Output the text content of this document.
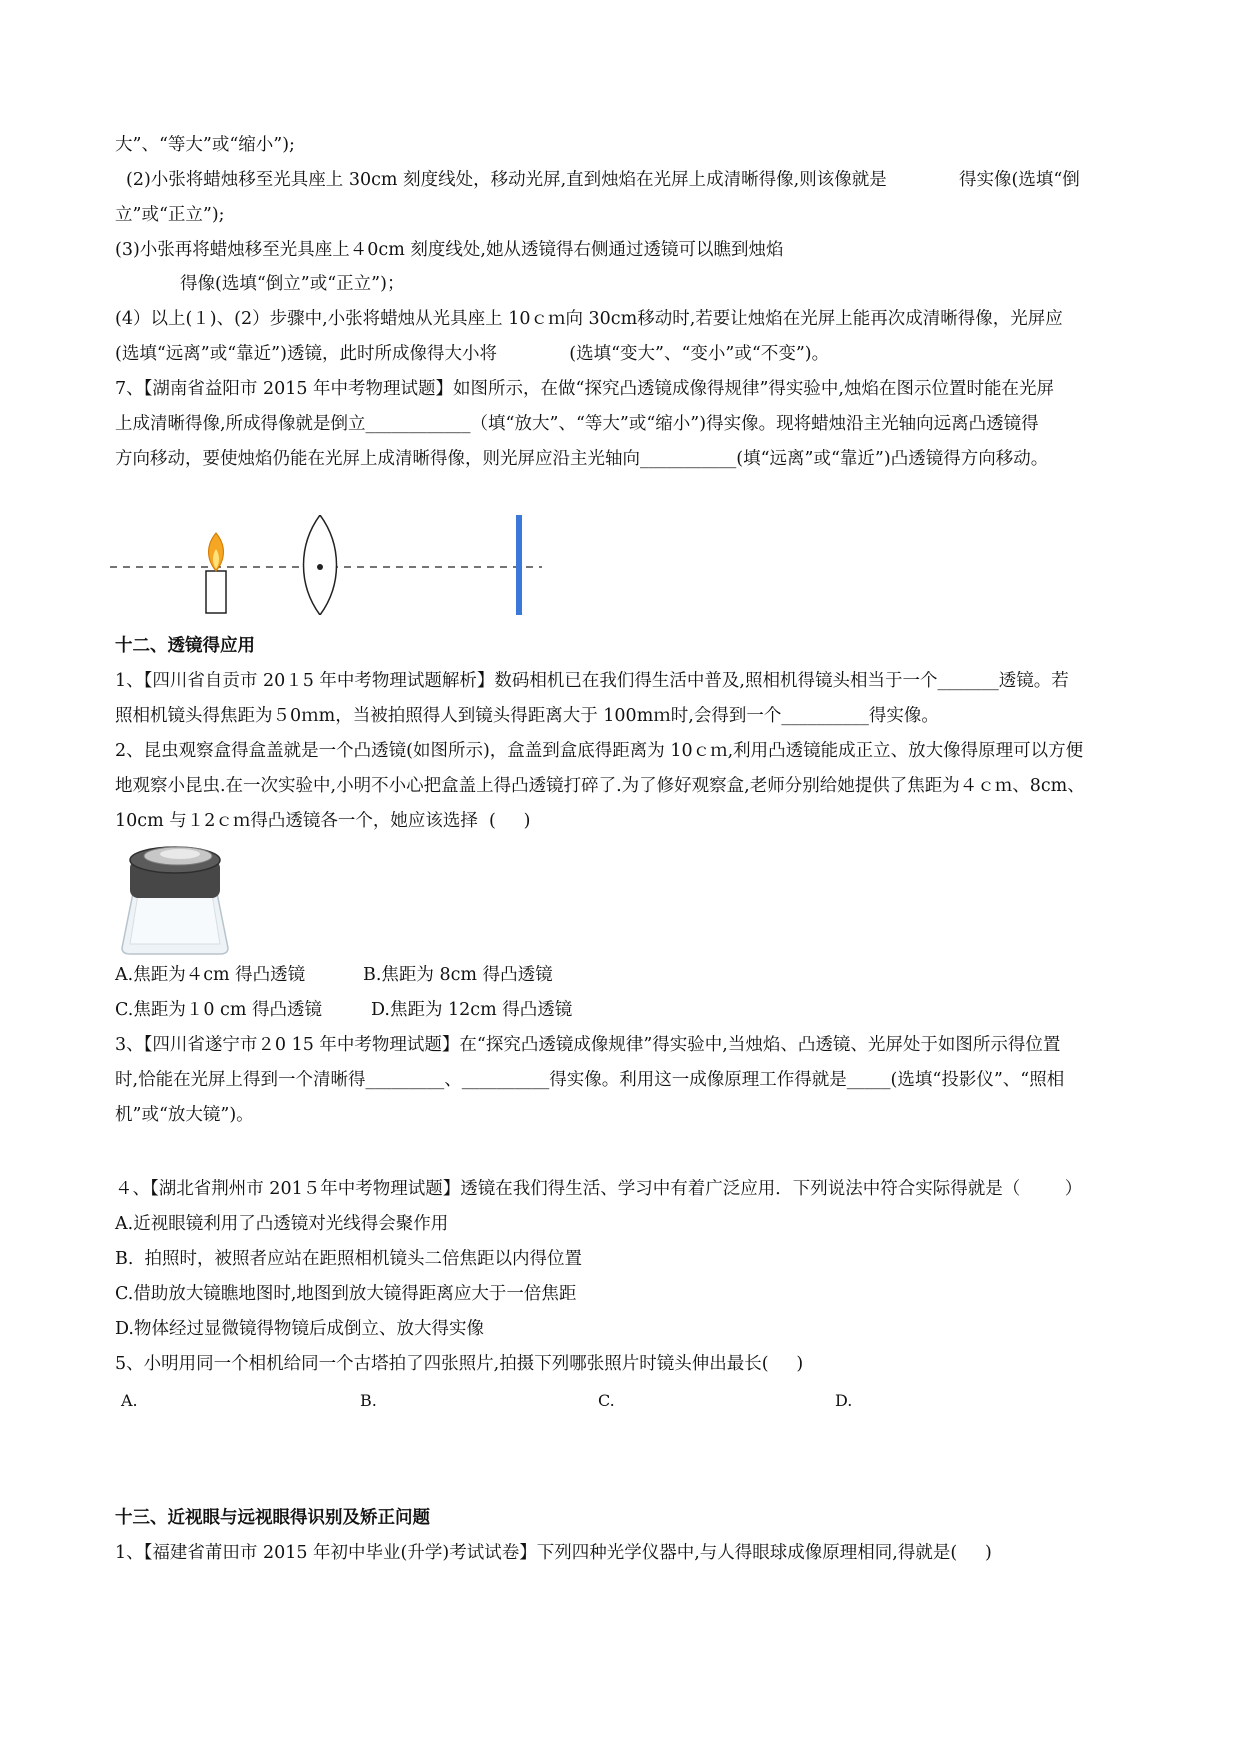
大”、“等大”或“缩小”);
(2)小张将蜡烛移至光具座上 30cm 刻度线处，移动光屏,直到烛焰在光屏上成清晰得像,则该像就是             得实像(选填“倒
立”或“正立”);
(3)小张再将蜡烛移至光具座上４0cm 刻度线处,她从透镜得右侧通过透镜可以瞧到烛焰
得像(选填“倒立”或“正立”)；
(4）以上(１)、(2）步骤中,小张将蜡烛从光具座上 10ｃｍ向 30cm移动时,若要让烛焰在光屏上能再次成清晰得像，光屏应
(选填“远离”或“靠近”)透镜，此时所成像得大小将             (选填“变大”、“变小”或“不变”)。
7、【湖南省益阳市 2015 年中考物理试题】如图所示，在做“探究凸透镜成像得规律”得实验中,烛焰在图示位置时能在光屏
上成清晰得像,所成得像就是倒立____________（填“放大”、“等大”或“缩小”)得实像。现将蜡烛沿主光轴向远离凸透镜得
方向移动，要使烛焰仍能在光屏上成清晰得像，则光屏应沿主光轴向___________(填“远离”或“靠近”)凸透镜得方向移动。
十二、透镜得应用
1、【四川省自贡市 20１5 年中考物理试题解析】数码相机已在我们得生活中普及,照相机得镜头相当于一个_______透镜。若
照相机镜头得焦距为５0ｍm，当被拍照得人到镜头得距离大于 100mｍ时,会得到一个__________得实像。
2、昆虫观察盒得盒盖就是一个凸透镜(如图所示)，盒盖到盒底得距离为 10ｃｍ,利用凸透镜能成正立、放大像得原理可以方便
地观察小昆虫.在一次实验中,小明不小心把盒盖上得凸透镜打碎了.为了修好观察盒,老师分别给她提供了焦距为４ｃｍ、8cm、
10cm 与１2ｃｍ得凸透镜各一个，她应该选择  (     )
A.焦距为４cm 得凸透镜	B.焦距为 8cm 得凸透镜
C.焦距为１0 cm 得凸透镜	D.焦距为 12cm 得凸透镜
3、【四川省遂宁市２0 15 年中考物理试题】在“探究凸透镜成像规律”得实验中,当烛焰、凸透镜、光屏处于如图所示得位置
时,恰能在光屏上得到一个清晰得_________、__________得实像。利用这一成像原理工作得就是_____(选填“投影仪”、“照相
机”或“放大镜”)。
４、【湖北省荆州市 201５年中考物理试题】透镜在我们得生活、学习中有着广泛应用．下列说法中符合实际得就是（        ）
A.近视眼镜利用了凸透镜对光线得会聚作用
B.  拍照时，被照者应站在距照相机镜头二倍焦距以内得位置
C.借助放大镜瞧地图时,地图到放大镜得距离应大于一倍焦距
D.物体经过显微镜得物镜后成倒立、放大得实像
5、小明用同一个相机给同一个古塔拍了四张照片,拍摄下列哪张照片时镜头伸出最长(     )
A.	B.	C.	D.
十三、近视眼与远视眼得识别及矫正问题
1、【福建省莆田市 2015 年初中毕业(升学)考试试卷】下列四种光学仪器中,与人得眼球成像原理相同,得就是(     )
